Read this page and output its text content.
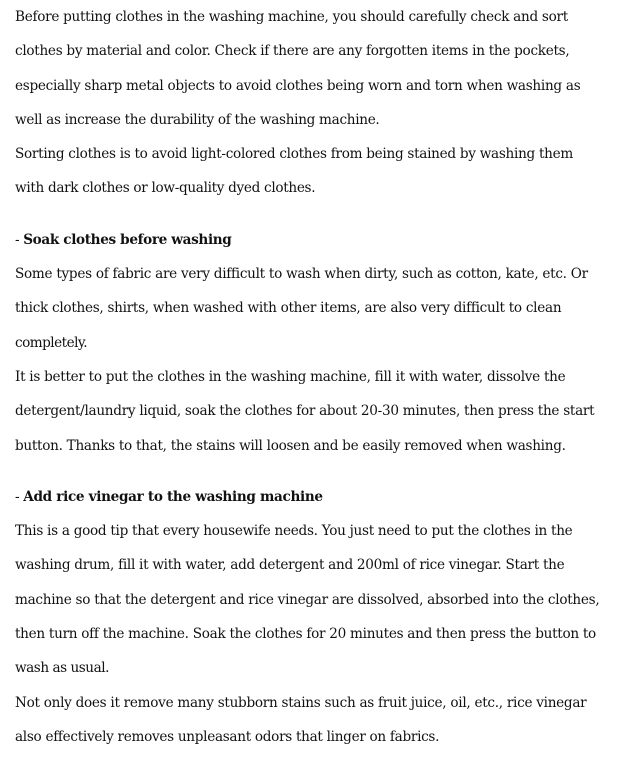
Before putting clothes in the washing machine, you should carefully check and sort
clothes by material and color. Check if there are any forgotten items in the pockets,
especially sharp metal objects to avoid clothes being worn and torn when washing as
well as increase the durability of the washing machine.
Sorting clothes is to avoid light-colored clothes from being stained by washing them
with dark clothes or low-quality dyed clothes.
- Soak clothes before washing
Some types of fabric are very difficult to wash when dirty, such as cotton, kate, etc. Or
thick clothes, shirts, when washed with other items, are also very difficult to clean
completely.
It is better to put the clothes in the washing machine, fill it with water, dissolve the
detergent/laundry liquid, soak the clothes for about 20-30 minutes, then press the start
button. Thanks to that, the stains will loosen and be easily removed when washing.
- Add rice vinegar to the washing machine
This is a good tip that every housewife needs. You just need to put the clothes in the
washing drum, fill it with water, add detergent and 200ml of rice vinegar. Start the
machine so that the detergent and rice vinegar are dissolved, absorbed into the clothes,
then turn off the machine. Soak the clothes for 20 minutes and then press the button to
wash as usual.
Not only does it remove many stubborn stains such as fruit juice, oil, etc., rice vinegar
also effectively removes unpleasant odors that linger on fabrics.
